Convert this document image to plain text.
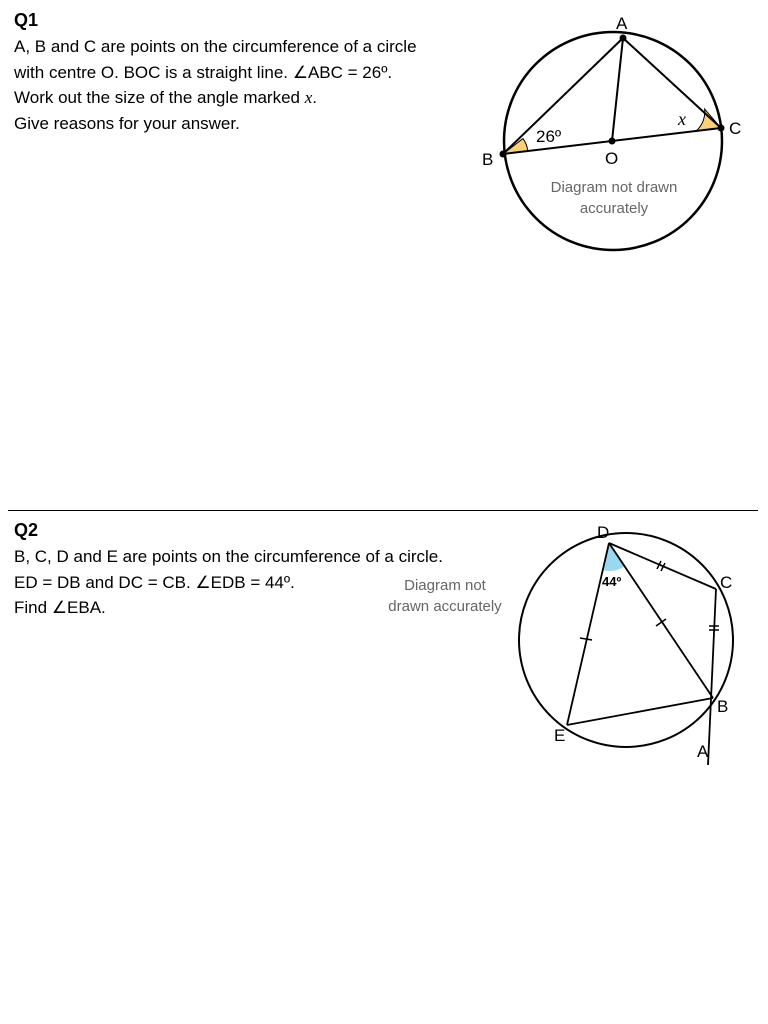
Q1
A, B and C are points on the circumference of a circle
with centre O. BOC is a straight line. ∠ABC = 26º.
Work out the size of the angle marked x.
Give reasons for your answer.
A
B
C
O
26º
x
Diagram not drawn
accurately
Q2
B, C, D and E are points on the circumference of a circle.
ED = DB and DC = CB. ∠EDB = 44º.
Find ∠EBA.
Diagram not
drawn accurately
D
C
B
E
A
44º
